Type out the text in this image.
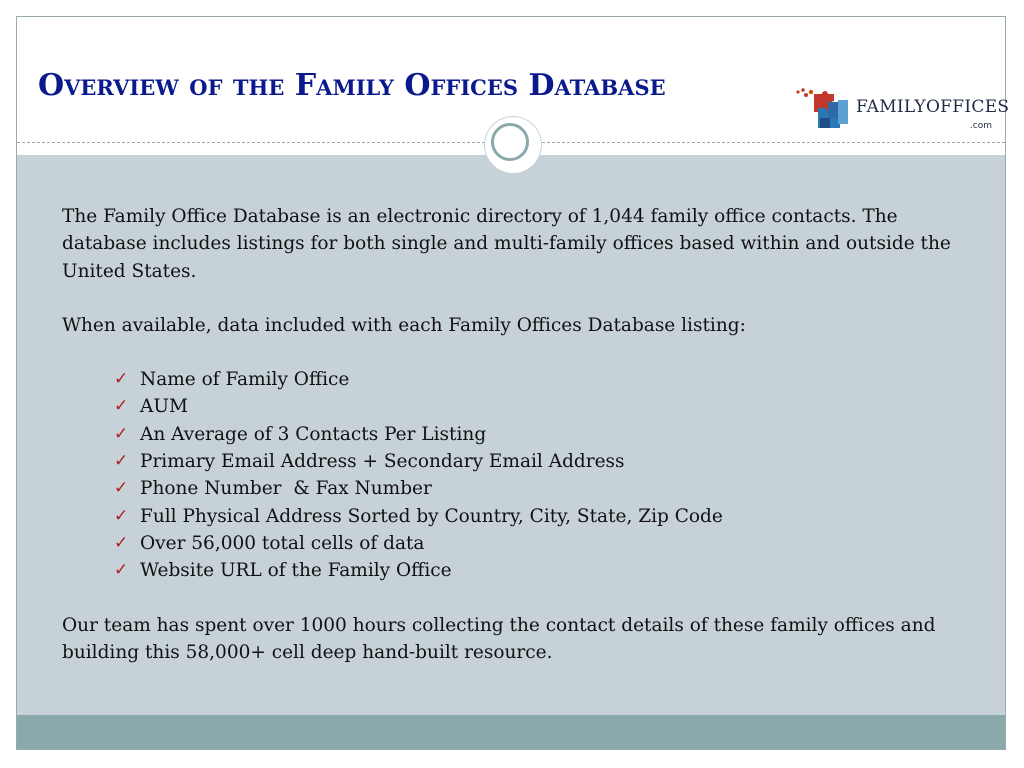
Overview of the Family Offices Database
FAMILYOFFICES
.com

The Family Office Database is an electronic directory of 1,044 family office contacts. The database includes listings for both single and multi-family offices based within and outside the United States.

When available, data included with each Family Offices Database listing:

✓ Name of Family Office
✓ AUM
✓ An Average of 3 Contacts Per Listing
✓ Primary Email Address + Secondary Email Address
✓ Phone Number  & Fax Number
✓ Full Physical Address Sorted by Country, City, State, Zip Code
✓ Over 56,000 total cells of data
✓ Website URL of the Family Office

Our team has spent over 1000 hours collecting the contact details of these family offices and building this 58,000+ cell deep hand-built resource.
